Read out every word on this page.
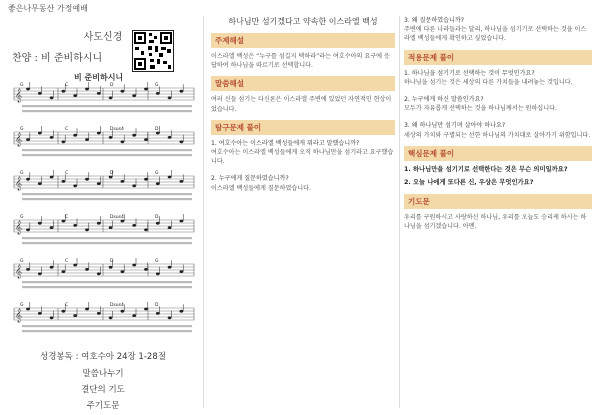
좋은나무동산 가정예배
사도신경
찬양 : 비 준비하시니
비 준비하시니
𝄞
G	C	D	G
𝄞
G	C	Dsus4	D
𝄞
G	C	D	G
𝄞
G	C	Dsus4	D
𝄞
G	C	D	G
𝄞
G	C	Dsus4	D
성경봉독 : 여호수아 24장 1-28절
말씀나누기
결단의 기도
주기도문
하나님만 섬기겠다고 약속한 이스라엘 백성
주제해설

이스라엘 백성은 “누구를 섬길지 택하라”라는 여호수아의 요구에 응답하여 하나님을 따르기로 선택합니다.

말씀해설

여러 신들 섬기는 다신론은 이스라엘 주변에 있었던 자연적인 현상이었습니다.

탐구문제 풀이

1. 여호수아는 이스라엘 백성들에게 뭐라고 말했습니까?

여호수아는 이스라엘 백성들에게 오직 하나님만을 섬기라고 요구했습니다.

2. 누구에게 질문하였습니까?

이스라엘 백성들에게 질문하였습니다.

3. 왜 질문하였습니까?

주변에 다른 나라들과는 달리, 하나님을 섬기기로 선택하는 것을 이스라엘 백성들에게 확인하고 싶었습니다.

적용문제 풀이

1. 하나님을 섬기기로 선택하는 것이 무엇인가요?

하나님을 섬기는 것은 세상의 다른 가치들을 내려놓는 것입니다.

2. 누구에게 하신 말씀인가요?

모두가 자유롭게 선택하는 것을 하나님께서는 원하십니다.

3. 왜 하나님만 섬기며 살아야 하나요?

세상의 가치와 구별되는 선한 하나님의 가치대로 살아가기 위함입니다.

핵심문제 풀이

1. 하나님만을 섬기기로 선택한다는 것은 무슨 의미일까요?

2. 오늘 나에게 또다른 신, 우상은 무엇인가요?

기도문

우리를 구원하시고 사랑하신 하나님, 우리를 오늘도 승리케 하시는 하나님을 섬기겠습니다. 아멘.
